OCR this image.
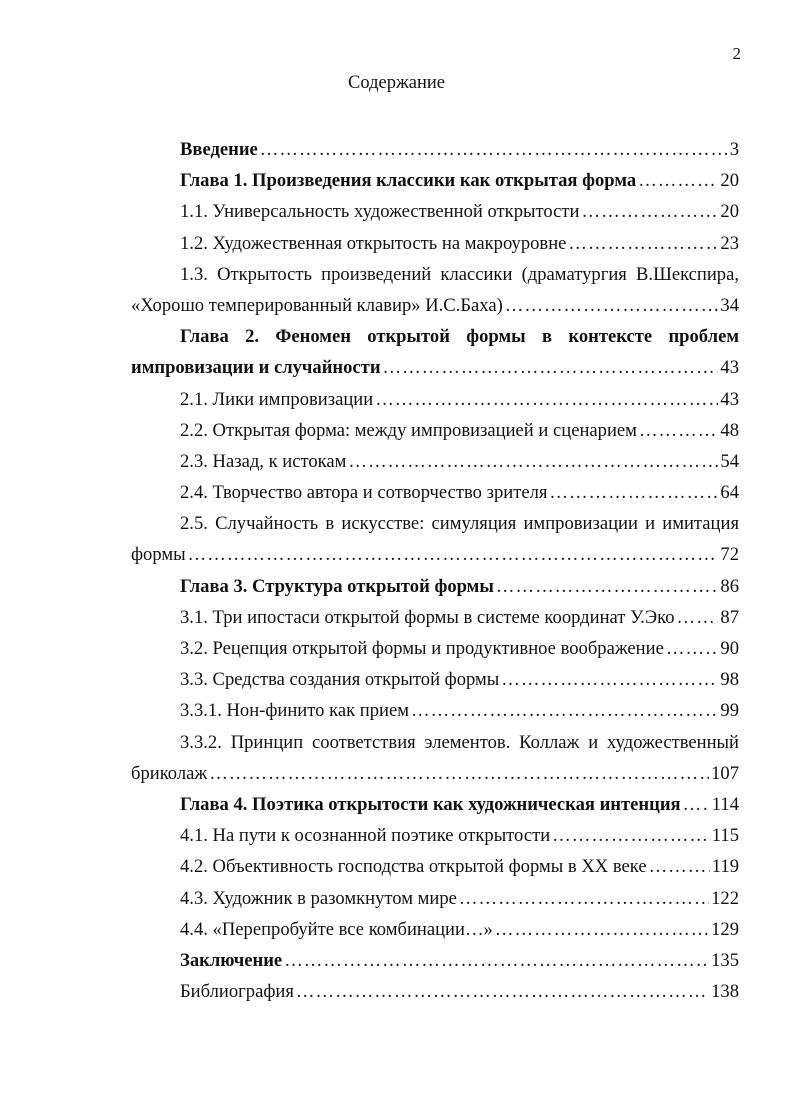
2
Содержание
Введение …………………………………………………………………………………………………………………………………………	3
Глава 1. Произведения классики как открытая форма …………………………………………………………………………………………………………………………………………	20
1.1. Универсальность художественной открытости …………………………………………………………………………………………………………………………………………	20
1.2. Художественная открытость на макроуровне …………………………………………………………………………………………………………………………………………	23
1.3. Открытость произведений классики (драматургия В.Шекспира,
«Хорошо темперированный клавир» И.С.Баха) …………………………………………………………………………………………………………………………………………	34
Глава 2. Феномен открытой формы в контексте проблем
импровизации и случайности …………………………………………………………………………………………………………………………………………	43
2.1. Лики импровизации …………………………………………………………………………………………………………………………………………	43
2.2. Открытая форма: между импровизацией и сценарием …………………………………………………………………………………………………………………………………………	48
2.3. Назад, к истокам …………………………………………………………………………………………………………………………………………	54
2.4. Творчество автора и сотворчество зрителя …………………………………………………………………………………………………………………………………………	64
2.5. Случайность в искусстве: симуляция импровизации и имитация
формы …………………………………………………………………………………………………………………………………………	72
Глава 3. Структура открытой формы …………………………………………………………………………………………………………………………………………	86
3.1. Три ипостаси открытой формы в системе координат У.Эко ………………………………………………………………………………………………………………………………………… 87
3.2. Рецепция открытой формы и продуктивное воображение …………………………………………………………………………………………………………………………………………	90
3.3. Средства создания открытой формы …………………………………………………………………………………………………………………………………………	98
3.3.1. Нон-финито как прием …………………………………………………………………………………………………………………………………………	99
3.3.2. Принцип соответствия элементов. Коллаж и художественный
бриколаж …………………………………………………………………………………………………………………………………………	107
Глава 4. Поэтика открытости как художническая интенция ………………………………………………………………………………………………………………………………………… 114
4.1. На пути к осознанной поэтике открытости …………………………………………………………………………………………………………………………………………	115
4.2. Объективность господства открытой формы в XX веке …………………………………………………………………………………………………………………………………………	119
4.3. Художник в разомкнутом мире …………………………………………………………………………………………………………………………………………	122
4.4. «Перепробуйте все комбинации…» …………………………………………………………………………………………………………………………………………	129
Заключение …………………………………………………………………………………………………………………………………………	135
Библиография …………………………………………………………………………………………………………………………………………	138
